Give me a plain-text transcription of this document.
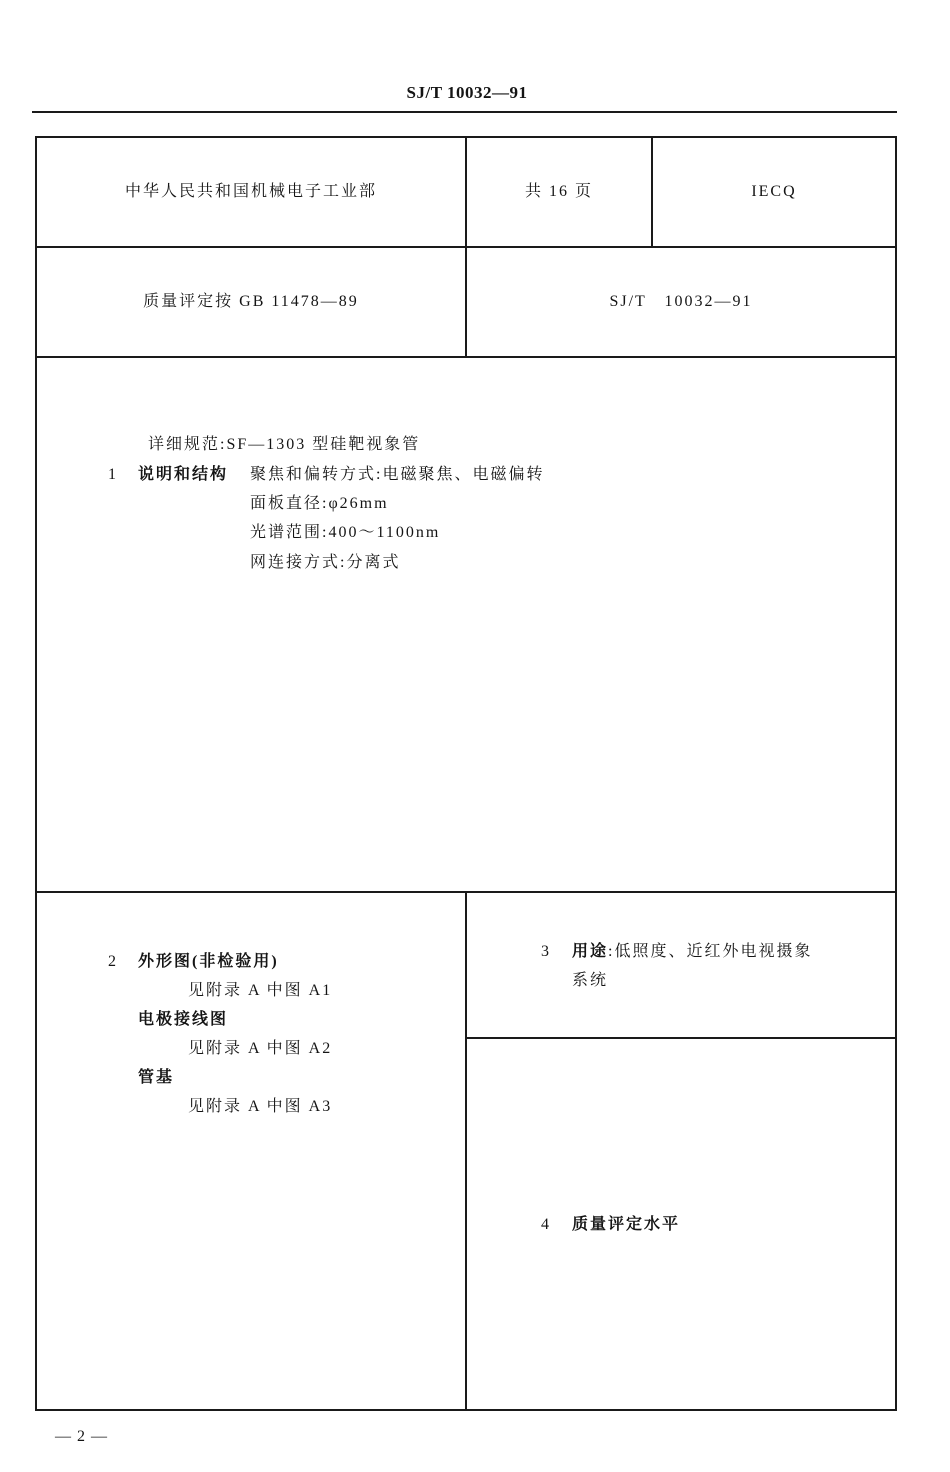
SJ/T 10032—91
中华人民共和国机械电子工业部	共 16 页	IECQ
质量评定按 GB 11478—89	SJ/T　10032—91
详细规范:SF—1303 型硅靶视象管
1 说明和结构 聚焦和偏转方式:电磁聚焦、电磁偏转
面板直径:φ26mm
光谱范围:400～1100nm
网连接方式:分离式
2 外形图(非检验用)
见附录 A 中图 A1
电极接线图
见附录 A 中图 A2
管基
见附录 A 中图 A3
3 用途:低照度、近红外电视摄象
系统
4 质量评定水平
— 2 —
